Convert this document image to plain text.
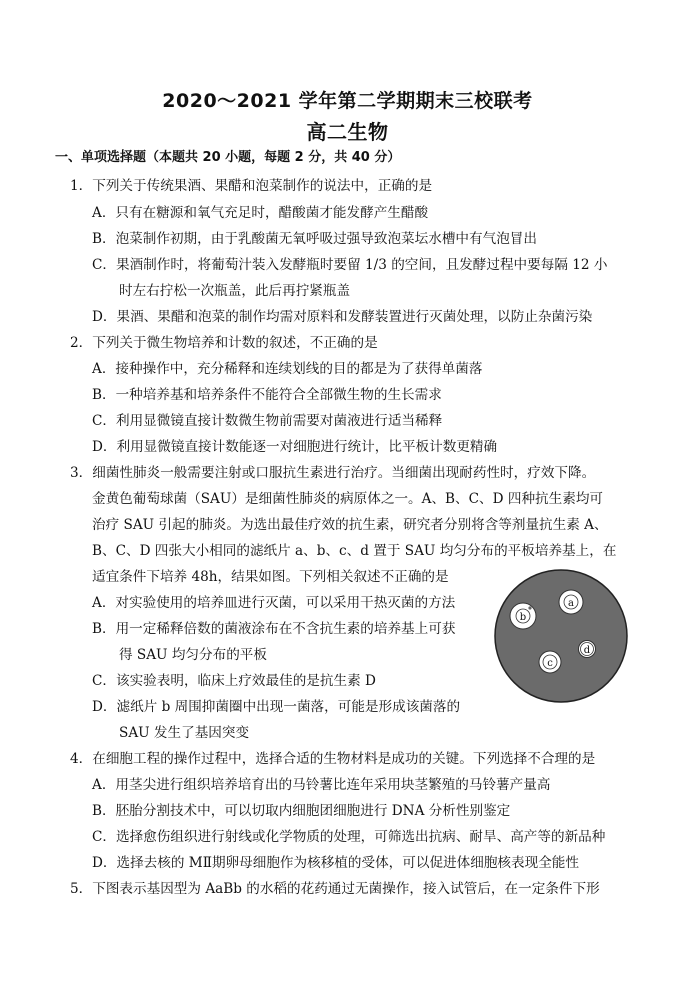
2020～2021 学年第二学期期末三校联考
高二生物
一、单项选择题（本题共 20 小题，每题 2 分，共 40 分）
1．下列关于传统果酒、果醋和泡菜制作的说法中，正确的是
A．只有在糖源和氧气充足时，醋酸菌才能发酵产生醋酸
B．泡菜制作初期，由于乳酸菌无氧呼吸过强导致泡菜坛水槽中有气泡冒出
C．果酒制作时，将葡萄汁装入发酵瓶时要留 1/3 的空间，且发酵过程中要每隔 12 小
时左右拧松一次瓶盖，此后再拧紧瓶盖
D．果酒、果醋和泡菜的制作均需对原料和发酵装置进行灭菌处理，以防止杂菌污染
2．下列关于微生物培养和计数的叙述，不正确的是
A．接种操作中，充分稀释和连续划线的目的都是为了获得单菌落
B．一种培养基和培养条件不能符合全部微生物的生长需求
C．利用显微镜直接计数微生物前需要对菌液进行适当稀释
D．利用显微镜直接计数能逐一对细胞进行统计，比平板计数更精确
3．细菌性肺炎一般需要注射或口服抗生素进行治疗。当细菌出现耐药性时，疗效下降。
金黄色葡萄球菌（SAU）是细菌性肺炎的病原体之一。A、B、C、D 四种抗生素均可
治疗 SAU 引起的肺炎。为选出最佳疗效的抗生素，研究者分别将含等剂量抗生素 A、
B、C、D 四张大小相同的滤纸片 a、b、c、d 置于 SAU 均匀分布的平板培养基上，在
适宜条件下培养 48h，结果如图。下列相关叙述不正确的是
A．对实验使用的培养皿进行灭菌，可以采用干热灭菌的方法
B．用一定稀释倍数的菌液涂布在不含抗生素的培养基上可获
得 SAU 均匀分布的平板
C．该实验表明，临床上疗效最佳的是抗生素 D
D．滤纸片 b 周围抑菌圈中出现一菌落，可能是形成该菌落的
SAU 发生了基因突变
a
b
c
d
4．在细胞工程的操作过程中，选择合适的生物材料是成功的关键。下列选择不合理的是
A．用茎尖进行组织培养培育出的马铃薯比连年采用块茎繁殖的马铃薯产量高
B．胚胎分割技术中，可以切取内细胞团细胞进行 DNA 分析性别鉴定
C．选择愈伤组织进行射线或化学物质的处理，可筛选出抗病、耐旱、高产等的新品种
D．选择去核的 MⅡ期卵母细胞作为核移植的受体，可以促进体细胞核表现全能性
5．下图表示基因型为 AaBb 的水稻的花药通过无菌操作，接入试管后，在一定条件下形
